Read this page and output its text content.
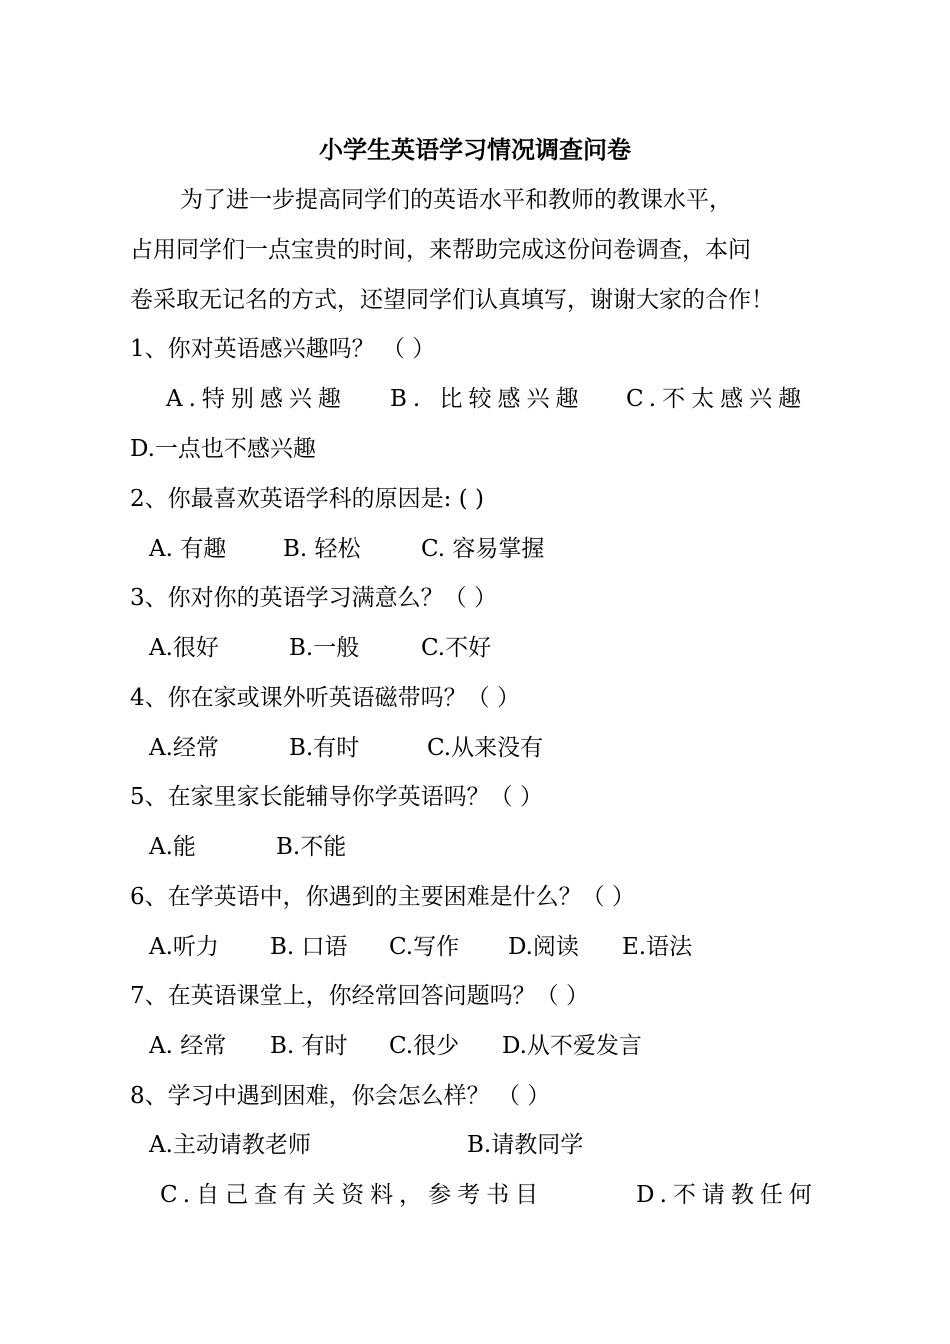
小学生英语学习情况调查问卷
为了进一步提高同学们的英语水平和教师的教课水平，
占用同学们一点宝贵的时间，来帮助完成这份问卷调查，本问
卷采取无记名的方式，还望同学们认真填写，谢谢大家的合作！
1、你对英语感兴趣吗？ （ ）
A.特别感兴趣 B. 比较感兴趣 C.不太感兴趣
D.一点也不感兴趣
2、你最喜欢英语学科的原因是: ( )
A. 有趣 B. 轻松	C. 容易掌握
3、你对你的英语学习满意么？（ ）
A.很好	B.一般	C.不好
4、你在家或课外听英语磁带吗？（ ）
A.经常	B.有时	C.从来没有
5、在家里家长能辅导你学英语吗？（ ）
A.能	B.不能
6、在学英语中，你遇到的主要困难是什么？（ ）
A.听力 B. 口语 C.写作 D.阅读 E.语法
7、在英语课堂上，你经常回答问题吗？（ ）
A. 经常 B. 有时 C.很少 D.从不爱发言
8、学习中遇到困难，你会怎么样？ （ ）
A.主动请教老师	B.请教同学
C.自己查有关资料，参考书目	D.不请教任何
